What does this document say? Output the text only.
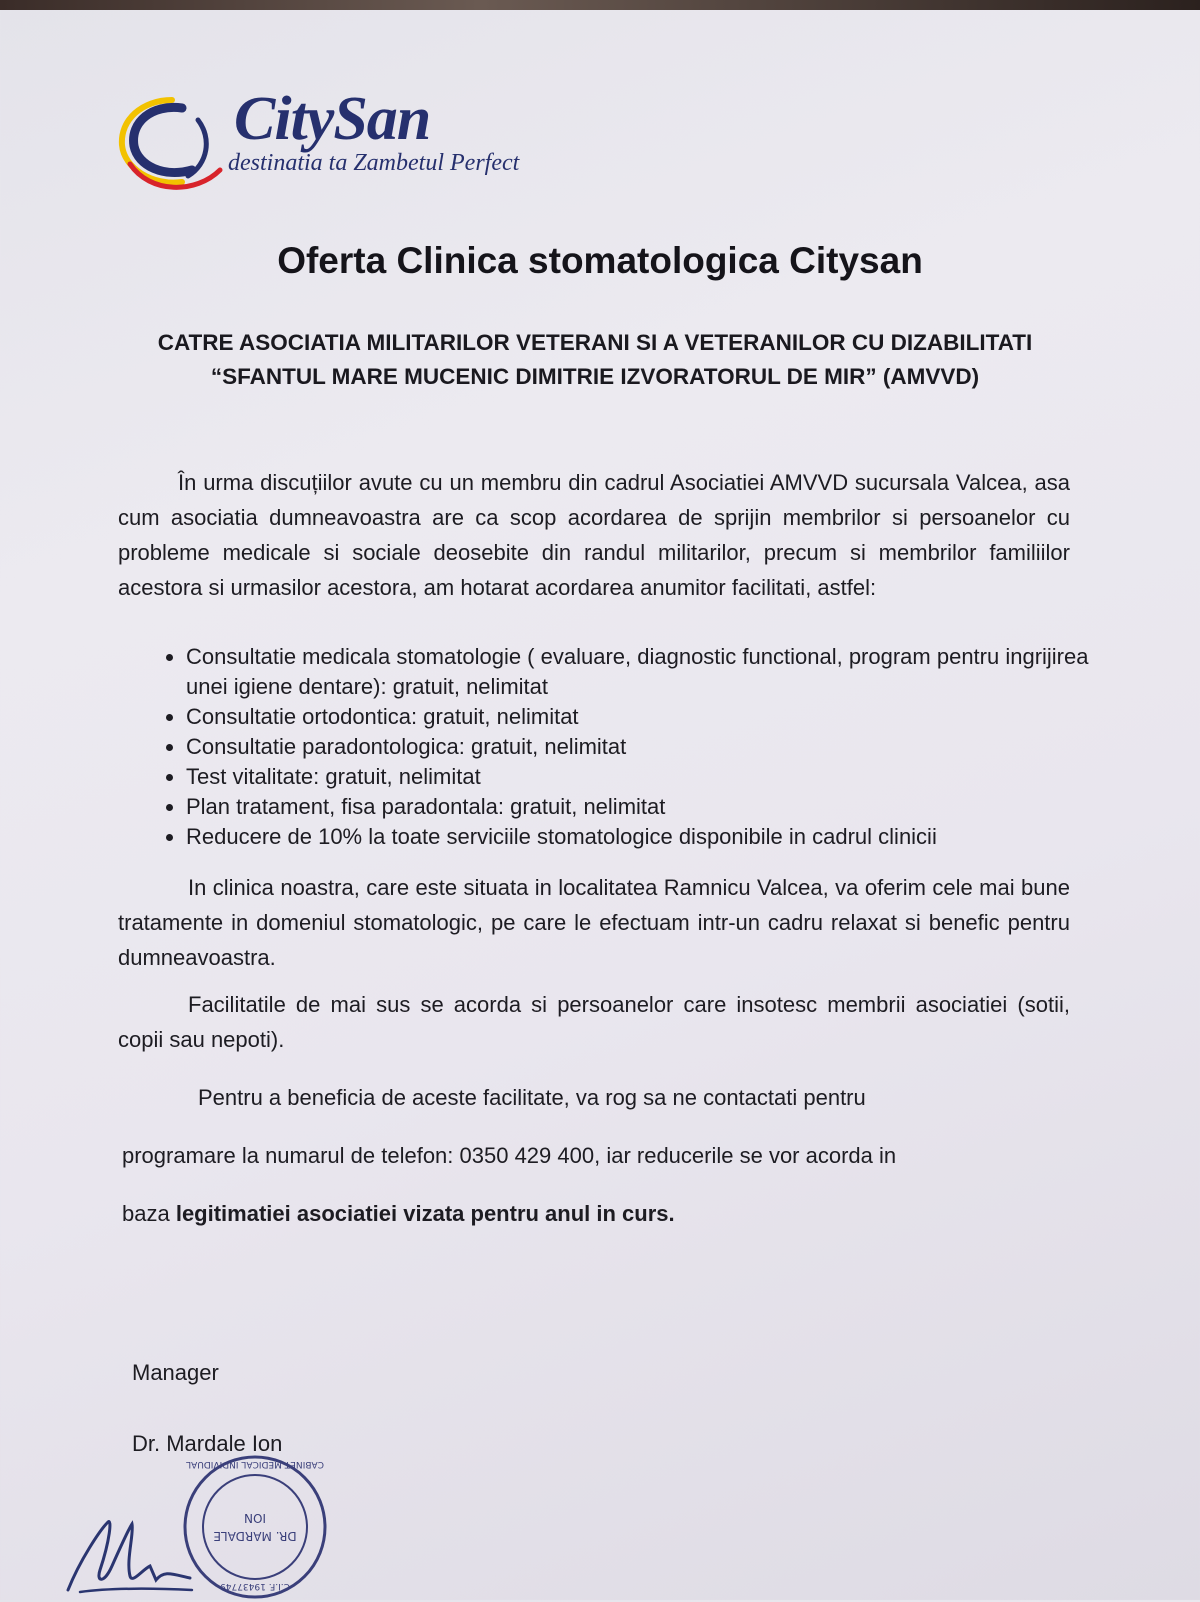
CitySan
destinatia ta Zambetul Perfect
Oferta Clinica stomatologica Citysan

CATRE ASOCIATIA MILITARILOR VETERANI SI A VETERANILOR CU DIZABILITATI “SFANTUL MARE MUCENIC DIMITRIE IZVORATORUL DE MIR” (AMVVD)

În urma discuțiilor avute cu un membru din cadrul Asociatiei AMVVD sucursala Valcea, asa cum asociatia dumneavoastra are ca scop acordarea de sprijin membrilor si persoanelor cu probleme medicale si sociale deosebite din randul militarilor, precum si membrilor familiilor acestora si urmasilor acestora, am hotarat acordarea anumitor facilitati, astfel:

• Consultatie medicala stomatologie ( evaluare, diagnostic functional, program pentru ingrijirea unei igiene dentare): gratuit, nelimitat
• Consultatie ortodontica: gratuit, nelimitat
• Consultatie paradontologica: gratuit, nelimitat
• Test vitalitate: gratuit, nelimitat
• Plan tratament, fisa paradontala: gratuit, nelimitat
• Reducere de 10% la toate serviciile stomatologice disponibile in cadrul clinicii

In clinica noastra, care este situata in localitatea Ramnicu Valcea, va oferim cele mai bune tratamente in domeniul stomatologic, pe care le efectuam intr-un cadru relaxat si benefic pentru dumneavoastra.

Facilitatile de mai sus se acorda si persoanelor care insotesc membrii asociatiei (sotii, copii sau nepoti).

Pentru a beneficia de aceste facilitate, va rog sa ne contactati pentru

programare la numarul de telefon: 0350 429 400, iar reducerile se vor acorda in

baza legitimatiei asociatiei vizata pentru anul in curs.

Manager
Dr. Mardale Ion
DR. MARDALE
ION
C.I.F. 19437749
CABINET MEDICAL INDIVIDUAL
